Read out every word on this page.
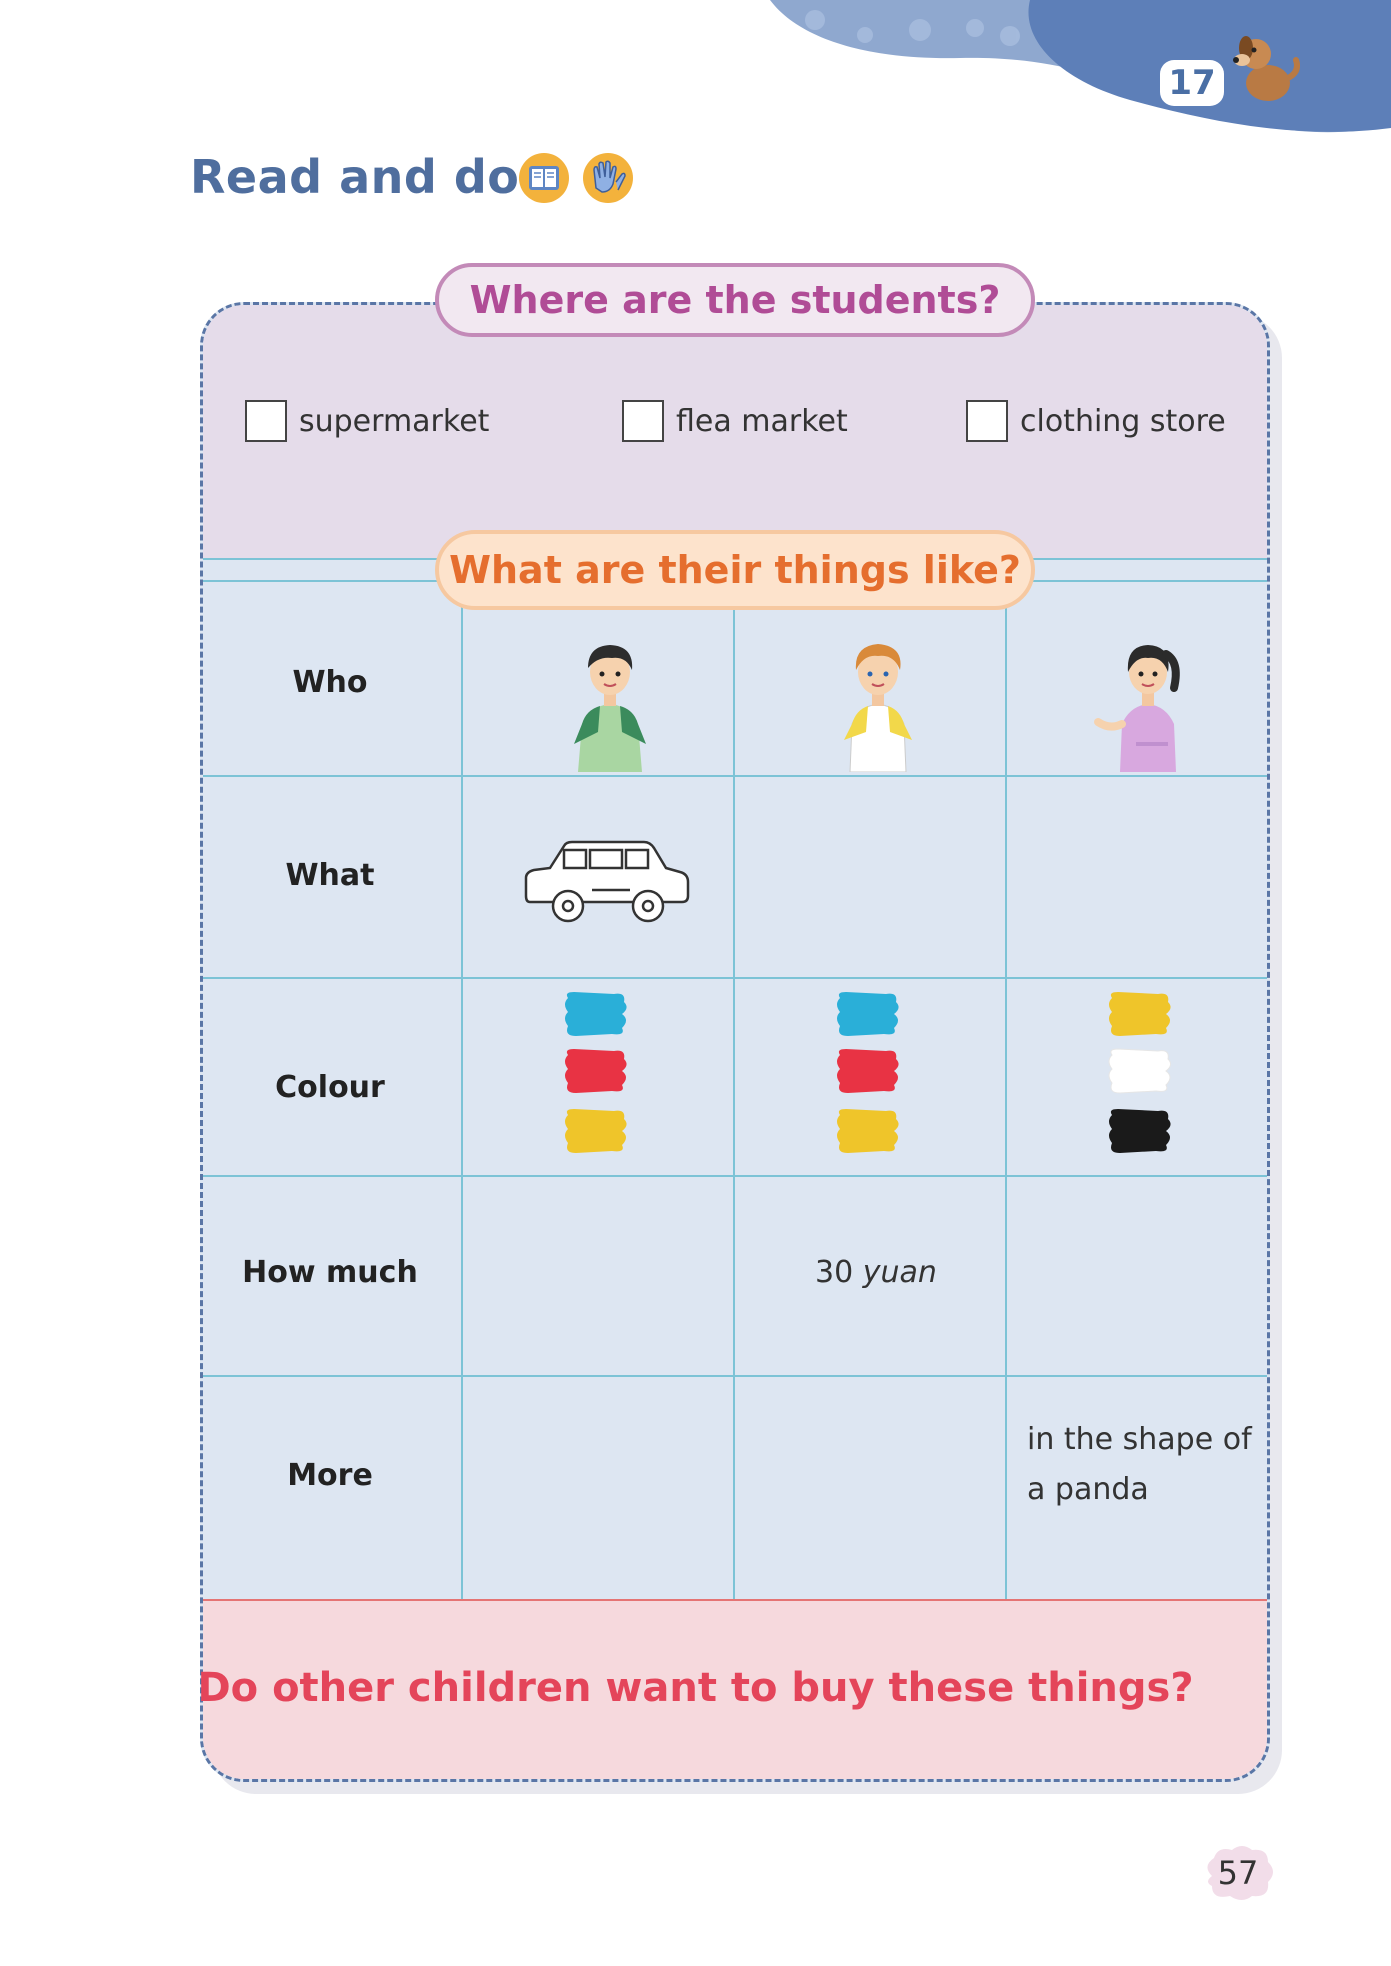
17
Read and do
Where are the students?
supermarket	flea market	clothing store
What are their things like?
Who
What
Colour
How much
More
30 yuan
in the shape of
a panda
Do other children want to buy these things?
57
